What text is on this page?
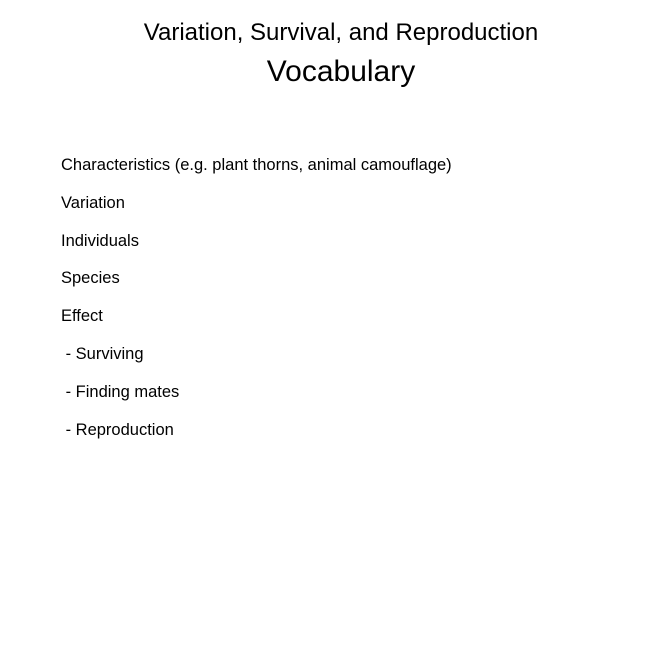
Variation, Survival, and Reproduction
Vocabulary
Characteristics (e.g. plant thorns, animal camouflage)
Variation
Individuals
Species
Effect
- Surviving
- Finding mates
- Reproduction
